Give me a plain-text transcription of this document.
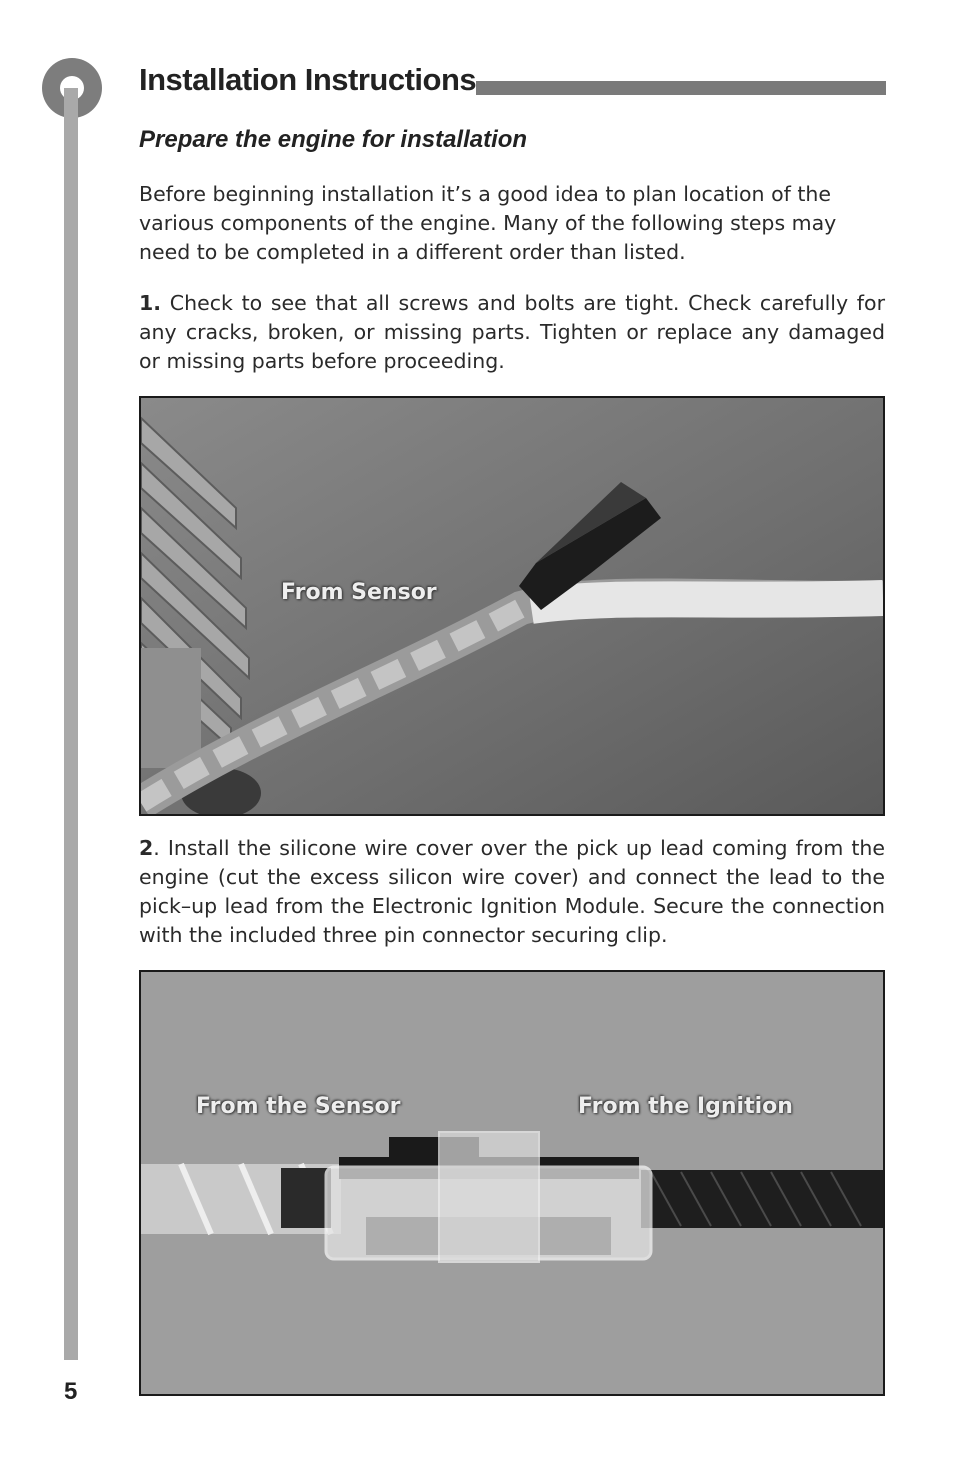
Installation Instructions
Prepare the engine for installation

Before beginning installation it’s a good idea to plan location of the various components of the engine. Many of the following steps may need to be completed in a different order than listed.

1. Check to see that all screws and bolts are tight. Check carefully for any cracks, broken, or missing parts. Tighten or replace any damaged or missing parts before proceeding.

From Sensor

2. Install the silicone wire cover over the pick up lead coming from the engine (cut the excess silicon wire cover) and connect the lead to the pick–up lead from the Electronic Ignition Module. Secure the connection with the included three pin connector securing clip.

From the Sensor	From the Ignition
5
